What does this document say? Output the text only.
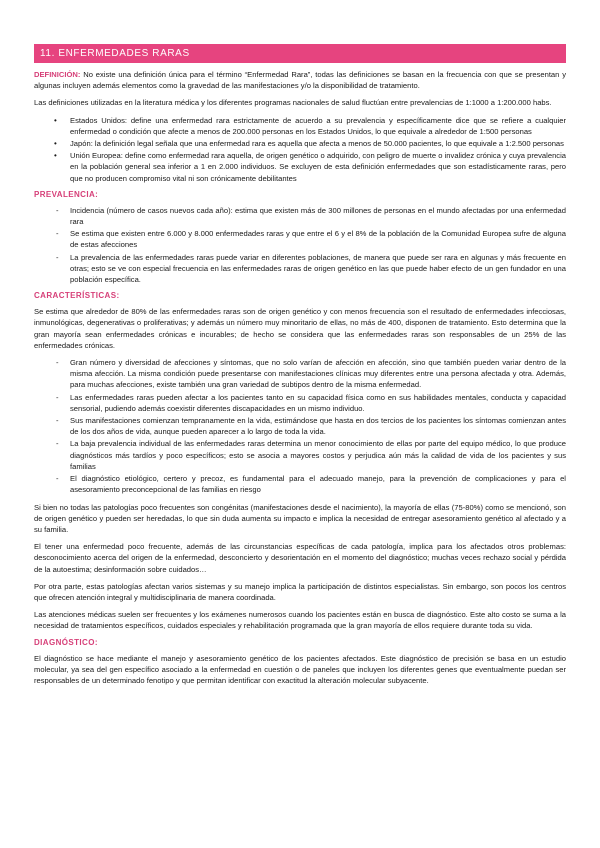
11. ENFERMEDADES RARAS

DEFINICIÓN: No existe una definición única para el término “Enfermedad Rara”, todas las definiciones se basan en la frecuencia con que se presentan y algunas incluyen además elementos como la gravedad de las manifestaciones y/o la disponibilidad de tratamiento.

Las definiciones utilizadas en la literatura médica y los diferentes programas nacionales de salud fluctúan entre prevalencias de 1:1000 a 1:200.000 habs.

• Estados Unidos: define una enfermedad rara estrictamente de acuerdo a su prevalencia y específicamente dice que se refiere a cualquier enfermedad o condición que afecte a menos de 200.000 personas en los Estados Unidos, lo que equivale a alrededor de 1:500 personas
• Japón: la definición legal señala que una enfermedad rara es aquella que afecta a menos de 50.000 pacientes, lo que equivale a 1:2.500 personas
• Unión Europea: define como enfermedad rara aquella, de origen genético o adquirido, con peligro de muerte o invalidez crónica y cuya prevalencia en la población general sea inferior a 1 en 2.000 individuos. Se excluyen de esta definición enfermedades que son estadísticamente raras, pero que no producen compromiso vital ni son crónicamente debilitantes
PREVALENCIA:
- Incidencia (número de casos nuevos cada año): estima que existen más de 300 millones de personas en el mundo afectadas por una enfermedad rara
- Se estima que existen entre 6.000 y 8.000 enfermedades raras y que entre el 6 y el 8% de la población de la Comunidad Europea sufre de alguna de estas afecciones
- La prevalencia de las enfermedades raras puede variar en diferentes poblaciones, de manera que puede ser rara en algunas y más frecuente en otras; esto se ve con especial frecuencia en las enfermedades raras de origen genético en las que puede haber efecto de un gen fundador en una población específica.
CARACTERÍSTICAS:

Se estima que alrededor de 80% de las enfermedades raras son de origen genético y con menos frecuencia son el resultado de enfermedades infecciosas, inmunológicas, degenerativas o proliferativas; y además un número muy minoritario de ellas, no más de 400, disponen de tratamiento. Esto determina que la gran mayoría sean enfermedades crónicas e incurables; de hecho se considera que las enfermedades raras son responsables de un 25% de las enfermedades crónicas.

- Gran número y diversidad de afecciones y síntomas, que no solo varían de afección en afección, sino que también pueden variar dentro de la misma afección. La misma condición puede presentarse con manifestaciones clínicas muy diferentes entre una persona afectada y otra. Además, para muchas afecciones, existe también una gran variedad de subtipos dentro de la misma enfermedad.
- Las enfermedades raras pueden afectar a los pacientes tanto en su capacidad física como en sus habilidades mentales, conducta y capacidad sensorial, pudiendo además coexistir diferentes discapacidades en un mismo individuo.
- Sus manifestaciones comienzan tempranamente en la vida, estimándose que hasta en dos tercios de los pacientes los síntomas comienzan antes de los dos años de vida, aunque pueden aparecer a lo largo de toda la vida.
- La baja prevalencia individual de las enfermedades raras determina un menor conocimiento de ellas por parte del equipo médico, lo que produce diagnósticos más tardíos y poco específicos; esto se asocia a mayores costos y perjudica aún más la calidad de vida de los pacientes y sus familias
- El diagnóstico etiológico, certero y precoz, es fundamental para el adecuado manejo, para la prevención de complicaciones y para el asesoramiento preconcepcional de las familias en riesgo

Si bien no todas las patologías poco frecuentes son congénitas (manifestaciones desde el nacimiento), la mayoría de ellas (75-80%) como se mencionó, son de origen genético y pueden ser heredadas, lo que sin duda aumenta su impacto e implica la necesidad de entregar asesoramiento genético al afectado y a su familia.

El tener una enfermedad poco frecuente, además de las circunstancias específicas de cada patología, implica para los afectados otros problemas: desconocimiento acerca del origen de la enfermedad, desconcierto y desorientación en el momento del diagnóstico; muchas veces rechazo social y pérdida de la autoestima; desinformación sobre cuidados…

Por otra parte, estas patologías afectan varios sistemas y su manejo implica la participación de distintos especialistas. Sin embargo, son pocos los centros que ofrecen atención integral y multidisciplinaria de manera coordinada.

Las atenciones médicas suelen ser frecuentes y los exámenes numerosos cuando los pacientes están en busca de diagnóstico. Este alto costo se suma a la necesidad de tratamientos específicos, cuidados especiales y rehabilitación programada que la gran mayoría de ellos requiere durante toda su vida.

DIAGNÓSTICO:

El diagnóstico se hace mediante el manejo y asesoramiento genético de los pacientes afectados. Este diagnóstico de precisión se basa en un estudio molecular, ya sea del gen específico asociado a la enfermedad en cuestión o de paneles que incluyen los diferentes genes que eventualmente puedan ser responsables de un determinado fenotipo y que permitan identificar con exactitud la alteración molecular subyacente.
